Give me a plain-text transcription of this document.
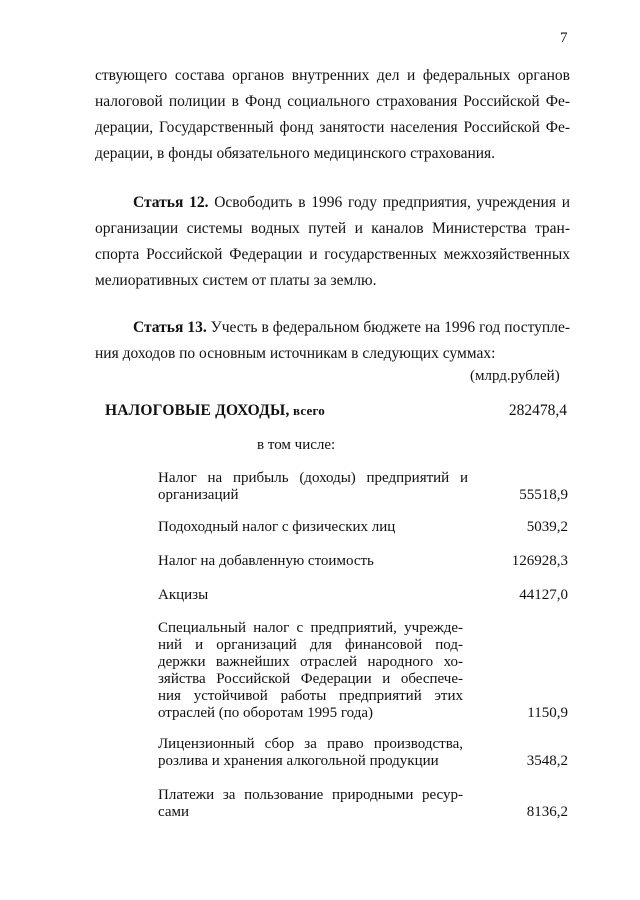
7

ствующего состава органов внутренних дел и федеральных органов
налоговой полиции в Фонд социального страхования Российской Фе-
дерации, Государственный фонд занятости населения Российской Фе-
дерации, в фонды обязательного медицинского страхования.

Статья 12. Освободить в 1996 году предприятия, учреждения и
организации системы водных путей и каналов Министерства тран-
спорта Российской Федерации и государственных межхозяйственных
мелиоративных систем от платы за землю.

Статья 13. Учесть в федеральном бюджете на 1996 год поступле-
ния доходов по основным источникам в следующих суммах:

(млрд.рублей)
НАЛОГОВЫЕ ДОХОДЫ, всего	282478,4
в том числе:
Налог на прибыль (доходы) предприятий и
организаций	55518,9
Подоходный налог с физических лиц	5039,2
Налог на добавленную стоимость	126928,3
Акцизы	44127,0
Специальный налог с предприятий, учрежде-
ний и организаций для финансовой под-
держки важнейших отраслей народного хо-
зяйства Российской Федерации и обеспече-
ния устойчивой работы предприятий этих
отраслей (по оборотам 1995 года)	1150,9
Лицензионный сбор за право производства,
розлива и хранения алкогольной продукции	3548,2
Платежи за пользование природными ресур-
сами	8136,2
